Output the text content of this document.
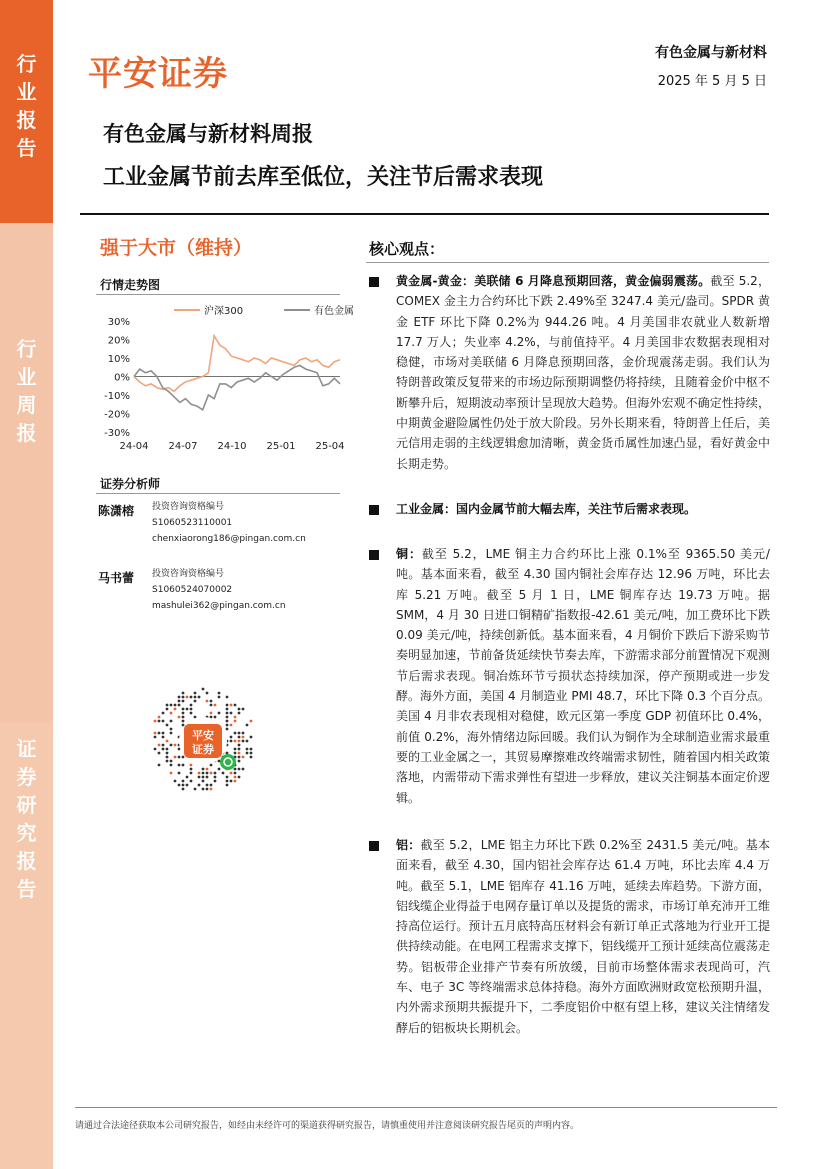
行
业
报
告
行
业
周
报
证
券
研
究
报
告
平安证券
有色金属与新材料
2025 年 5 月 5 日
有色金属与新材料周报
工业金属节前去库至低位，关注节后需求表现
强于大市（维持）
行情走势图
沪深300	有色金属
30%
20%
10%
0%
-10%
-20%
-30%
24-04 24-07 24-10 25-01 25-04
证券分析师
陈潇榕 投资咨询资格编号
S1060523110001
chenxiaorong186@pingan.com.cn
马书蕾 投资咨询资格编号
S1060524070002
mashulei362@pingan.com.cn
平安
证券
核心观点：
黄金属-黄金：美联储 6 月降息预期回落，黄金偏弱震荡。截至 5.2，COMEX 金主力合约环比下跌 2.49%至 3247.4 美元/盎司。SPDR 黄金 ETF 环比下降 0.2%为 944.26 吨。4 月美国非农就业人数新增 17.7 万人；失业率 4.2%，与前值持平。4 月美国非农数据表现相对稳健，市场对美联储 6 月降息预期回落，金价现震荡走弱。我们认为特朗普政策反复带来的市场边际预期调整仍将持续，且随着金价中枢不断攀升后，短期波动率预计呈现放大趋势。但海外宏观不确定性持续，中期黄金避险属性仍处于放大阶段。另外长期来看，特朗普上任后，美元信用走弱的主线逻辑愈加清晰，黄金货币属性加速凸显，看好黄金中长期走势。
工业金属：国内金属节前大幅去库，关注节后需求表现。
铜：截至 5.2，LME 铜主力合约环比上涨 0.1%至 9365.50 美元/吨。基本面来看，截至 4.30 国内铜社会库存达 12.96 万吨，环比去库 5.21 万吨。截至 5 月 1 日，LME 铜库存达 19.73 万吨。据 SMM，4 月 30 日进口铜精矿指数报-42.61 美元/吨，加工费环比下跌 0.09 美元/吨，持续创新低。基本面来看，4 月铜价下跌后下游采购节奏明显加速，节前备货延续快节奏去库，下游需求部分前置情况下观测节后需求表现。铜冶炼环节亏损状态持续加深，停产预期或进一步发酵。海外方面，美国 4 月制造业 PMI 48.7，环比下降 0.3 个百分点。美国 4 月非农表现相对稳健，欧元区第一季度 GDP 初值环比 0.4%，前值 0.2%，海外情绪边际回暖。我们认为铜作为全球制造业需求最重要的工业金属之一，其贸易摩擦难改终端需求韧性，随着国内相关政策落地，内需带动下需求弹性有望进一步释放，建议关注铜基本面定价逻辑。
铝：截至 5.2，LME 铝主力环比下跌 0.2%至 2431.5 美元/吨。基本面来看，截至 4.30，国内铝社会库存达 61.4 万吨，环比去库 4.4 万吨。截至 5.1，LME 铝库存 41.16 万吨，延续去库趋势。下游方面，铝线缆企业得益于电网存量订单以及提货的需求，市场订单充沛开工维持高位运行。预计五月底特高压材料会有新订单正式落地为行业开工提供持续动能。在电网工程需求支撑下，铝线缆开工预计延续高位震荡走势。铝板带企业排产节奏有所放缓，目前市场整体需求表现尚可，汽车、电子 3C 等终端需求总体持稳。海外方面欧洲财政宽松预期升温，内外需求预期共振提升下，二季度铝价中枢有望上移，建议关注情绪发酵后的铝板块长期机会。
请通过合法途径获取本公司研究报告，如经由未经许可的渠道获得研究报告，请慎重使用并注意阅读研究报告尾页的声明内容。
